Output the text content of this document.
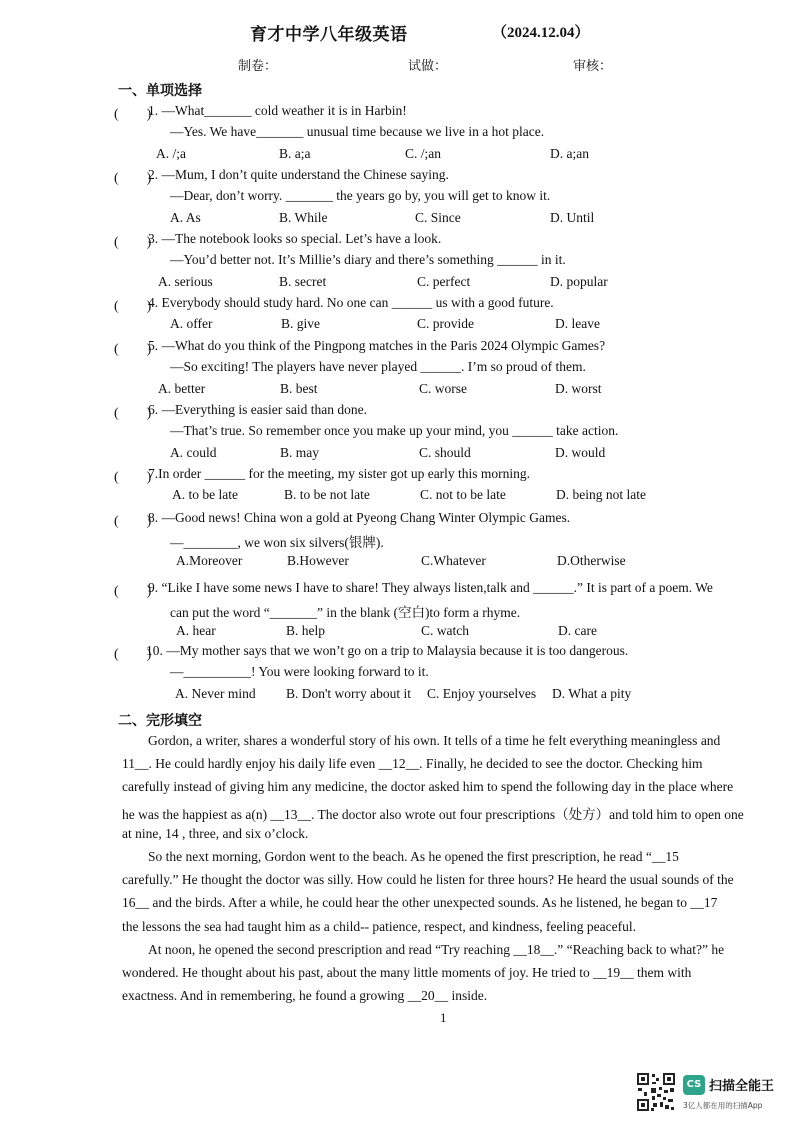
育才中学八年级英语	（2024.12.04）
制卷：	试做：	审核：
一、单项选择
(　　)
1. —What_______ cold weather it is in Harbin!
—Yes. We have_______ unusual time because we live in a hot place.
A. /;a	B. a;a	C. /;an	D. a;an
(　　)
2. —Mum, I don’t quite understand the Chinese saying.
—Dear, don’t worry. _______ the years go by, you will get to know it.
A. As	B. While	C. Since	D. Until
(　　)
3. —The notebook looks so special. Let’s have a look.
—You’d better not. It’s Millie’s diary and there’s something ______ in it.
A. serious	B. secret	C. perfect	D. popular
(　　)
4. Everybody should study hard. No one can ______ us with a good future.
A. offer	B. give	C. provide	D. leave
(　　)
5. —What do you think of the Pingpong matches in the Paris 2024 Olympic Games?
—So exciting! The players have never played ______. I’m so proud of them.
A. better	B. best	C. worse	D. worst
(　　)
6. —Everything is easier said than done.
—That’s true. So remember once you make up your mind, you ______ take action.
A. could	B. may	C. should	D. would
(　　)
7.In order ______ for the meeting, my sister got up early this morning.
A. to be late	B. to be not late	C. not to be late	D. being not late
(　　)
8. —Good news! China won a gold at Pyeong Chang Winter Olympic Games.
—________, we won six silvers(银牌).
A.Moreover	B.However	C.Whatever	D.Otherwise
(　　)
9. “Like I have some news I have to share! They always listen,talk and ______.” It is part of a poem. We
can put the word “_______” in the blank (空白)to form a rhyme.
A. hear	B. help	C. watch	D. care
(　　)
10. —My mother says that we won’t go on a trip to Malaysia because it is too dangerous.
—__________! You were looking forward to it.
A. Never mind B. Don't worry about it C. Enjoy yourselves D. What a pity
二、完形填空
Gordon, a writer, shares a wonderful story of his own. It tells of a time he felt everything meaningless and
11__. He could hardly enjoy his daily life even __12__. Finally, he decided to see the doctor. Checking him
carefully instead of giving him any medicine, the doctor asked him to spend the following day in the place where
he was the happiest as a(n) __13__. The doctor also wrote out four prescriptions（处方）and told him to open one
at nine, 14 , three, and six o’clock.
So the next morning, Gordon went to the beach. As he opened the first prescription, he read “__15
carefully.” He thought the doctor was silly. How could he listen for three hours? He heard the usual sounds of the
16__ and the birds. After a while, he could hear the other unexpected sounds. As he listened, he began to __17
the lessons the sea had taught him as a child-- patience, respect, and kindness, feeling peaceful.
At noon, he opened the second prescription and read “Try reaching __18__.” “Reaching back to what?” he
wondered. He thought about his past, about the many little moments of joy. He tried to __19__ them with
exactness. And in remembering, he found a growing __20__ inside.
1
CS 扫描全能王
3亿人都在用的扫描App
